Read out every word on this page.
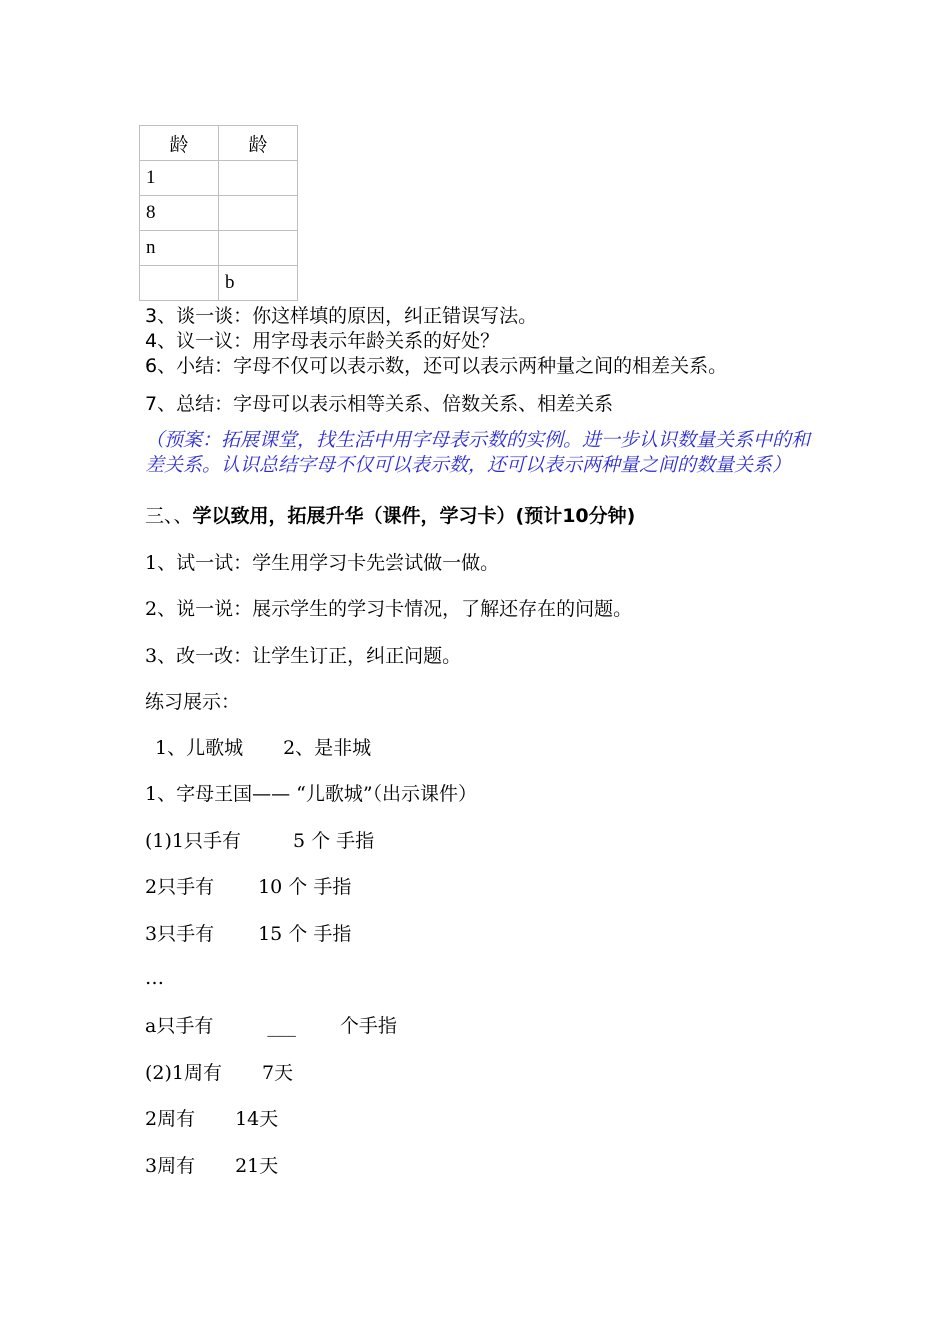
龄	龄
1	
8	
n	
	b
3、谈一谈：你这样填的原因，纠正错误写法。
4、议一议：用字母表示年龄关系的好处？
6、小结：字母不仅可以表示数，还可以表示两种量之间的相差关系。
7、总结：字母可以表示相等关系、倍数关系、相差关系
（预案：拓展课堂，找生活中用字母表示数的实例。进一步认识数量关系中的和差关系。认识总结字母不仅可以表示数，还可以表示两种量之间的数量关系）
三、、学以致用，拓展升华（课件，学习卡）(预计10分钟)
1、试一试：学生用学习卡先尝试做一做。
2、说一说：展示学生的学习卡情况，了解还存在的问题。
3、改一改：让学生订正，纠正问题。
练习展示：
1、儿歌城 2、是非城
1、字母王国—— “儿歌城”（出示课件）
(1)1只手有	5 个 手指
2只手有 10 个 手指
3只手有 15 个 手指
…
a只手有	___ 个手指
(2)1周有 7天
2周有 14天
3周有 21天
